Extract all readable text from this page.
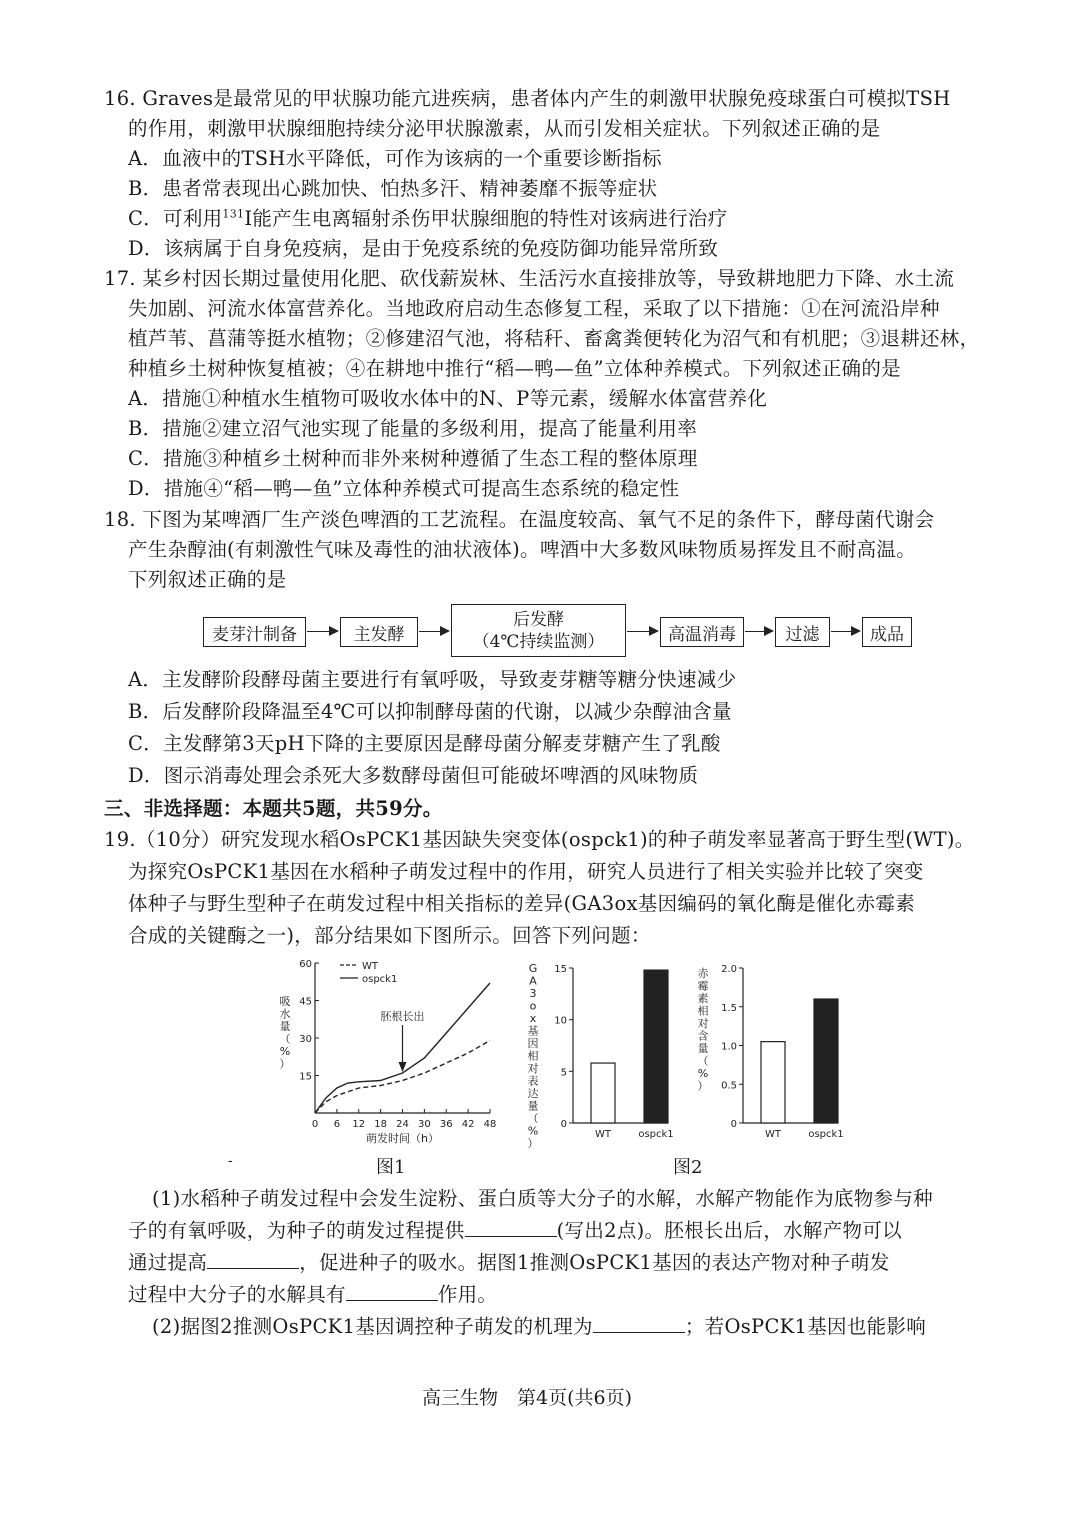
16. Graves是最常见的甲状腺功能亢进疾病，患者体内产生的刺激甲状腺免疫球蛋白可模拟TSH
的作用，刺激甲状腺细胞持续分泌甲状腺激素，从而引发相关症状。下列叙述正确的是
A．血液中的TSH水平降低，可作为该病的一个重要诊断指标
B．患者常表现出心跳加快、怕热多汗、精神萎靡不振等症状
C．可利用$^{131}$I能产生电离辐射杀伤甲状腺细胞的特性对该病进行治疗
D．该病属于自身免疫病，是由于免疫系统的免疫防御功能异常所致
17. 某乡村因长期过量使用化肥、砍伐薪炭林、生活污水直接排放等，导致耕地肥力下降、水土流
失加剧、河流水体富营养化。当地政府启动生态修复工程，采取了以下措施：①在河流沿岸种
植芦苇、菖蒲等挺水植物；②修建沼气池，将秸秆、畜禽粪便转化为沼气和有机肥；③退耕还林，
种植乡土树种恢复植被；④在耕地中推行“稻—鸭—鱼”立体种养模式。下列叙述正确的是
A．措施①种植水生植物可吸收水体中的N、P等元素，缓解水体富营养化
B．措施②建立沼气池实现了能量的多级利用，提高了能量利用率
C．措施③种植乡土树种而非外来树种遵循了生态工程的整体原理
D．措施④“稻—鸭—鱼”立体种养模式可提高生态系统的稳定性
18. 下图为某啤酒厂生产淡色啤酒的工艺流程。在温度较高、氧气不足的条件下，酵母菌代谢会
产生杂醇油(有刺激性气味及毒性的油状液体)。啤酒中大多数风味物质易挥发且不耐高温。
下列叙述正确的是
麦芽汁制备	主发酵
后发酵
（4℃持续监测）	高温消毒	过滤	成品
A．主发酵阶段酵母菌主要进行有氧呼吸，导致麦芽糖等糖分快速减少
B．后发酵阶段降温至4℃可以抑制酵母菌的代谢，以减少杂醇油含量
C．主发酵第3天pH下降的主要原因是酵母菌分解麦芽糖产生了乳酸
D．图示消毒处理会杀死大多数酵母菌但可能破坏啤酒的风味物质
三、非选择题：本题共5题，共59分。
19.（10分）研究发现水稻OsPCK1基因缺失突变体(ospck1)的种子萌发率显著高于野生型(WT)。
为探究OsPCK1基因在水稻种子萌发过程中的作用，研究人员进行了相关实验并比较了突变
体种子与野生型种子在萌发过程中相关指标的差异(GA3ox基因编码的氧化酶是催化赤霉素
合成的关键酶之一)，部分结果如下图所示。回答下列问题：
0 6 12 18 24 30 36 42 48
15
30
45
60	WT
ospck1
胚根长出
吸
水
量
（
%
）
萌发时间（h）
0
5
10
15
WT	ospck1
G
A
3
o
x
基
因
相
对
表
达
量
（
%
）
0
0.5
1.0
1.5
2.0
WT	ospck1
赤
霉
素
相
对
含
量
（
%
）
-	图1	图2
(1)水稻种子萌发过程中会发生淀粉、蛋白质等大分子的水解，水解产物能作为底物参与种
子的有氧呼吸，为种子的萌发过程提供	(写出2点)。胚根长出后，水解产物可以
通过提高	，促进种子的吸水。据图1推测OsPCK1基因的表达产物对种子萌发
过程中大分子的水解具有	作用。
(2)据图2推测OsPCK1基因调控种子萌发的机理为	；若OsPCK1基因也能影响
高三生物　第4页(共6页)
